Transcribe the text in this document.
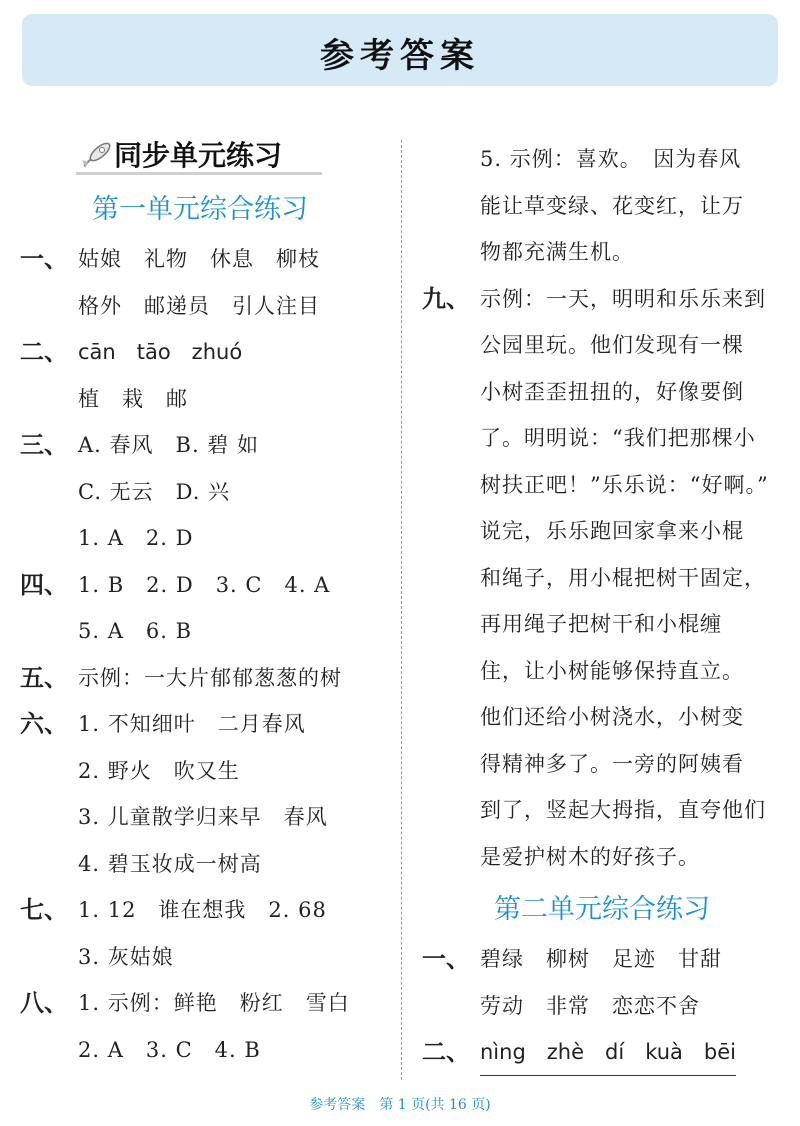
参考答案
同步单元练习
第一单元综合练习
一、 姑娘　礼物　休息　柳枝
格外　邮递员　引人注目
二、 cān　tāo　zhuó
植　栽　邮
三、 A. 春风　B. 碧 如
C. 无云　D. 兴
1. A　2. D
四、 1. B　2. D　3. C　4. A
5. A　6. B
五、 示例：一大片郁郁葱葱的树
六、 1. 不知细叶　二月春风
2. 野火　吹又生
3. 儿童散学归来早　春风
4. 碧玉妆成一树高
七、 1. 12　谁在想我　2. 68
3. 灰姑娘
八、 1. 示例：鲜艳　粉红　雪白
2. A　3. C　4. B
5. 示例：喜欢。　因为春风
能让草变绿、花变红，让万
物都充满生机。
九、 示例：一天，明明和乐乐来到
公园里玩。他们发现有一棵
小树歪歪扭扭的，好像要倒
了。明明说：“我们把那棵小
树扶正吧！”乐乐说：“好啊。”
说完，乐乐跑回家拿来小棍
和绳子，用小棍把树干固定，
再用绳子把树干和小棍缠
住，让小树能够保持直立。
他们还给小树浇水，小树变
得精神多了。一旁的阿姨看
到了，竖起大拇指，直夸他们
是爱护树木的好孩子。
第二单元综合练习
一、 碧绿　柳树　足迹　甘甜
劳动　非常　恋恋不舍
二、 nìng　zhè　dí　kuà　bēi
参考答案　第 1 页(共 16 页)
